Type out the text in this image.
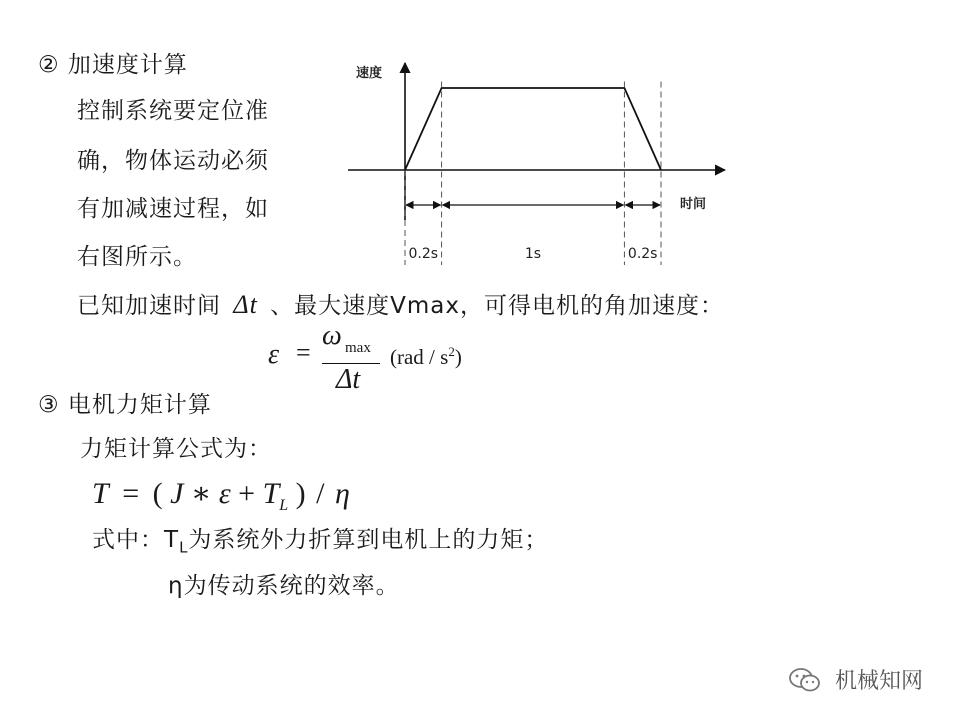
② 加速度计算
控制系统要定位准
确，物体运动必须
有加减速过程，如
右图所示。	0.2s	1s	0.2s
速度
时间
已知加速时间 Δt 、最大速度Vmax，可得电机的角加速度：
ε =
ω max
Δt
$(rad / s^2)$
③ 电机力矩计算
力矩计算公式为：
T = ( J ∗ $\varepsilon + T_L$ ) / η
式中：$T_L$为系统外力折算到电机上的力矩；
η为传动系统的效率。
机械知网
